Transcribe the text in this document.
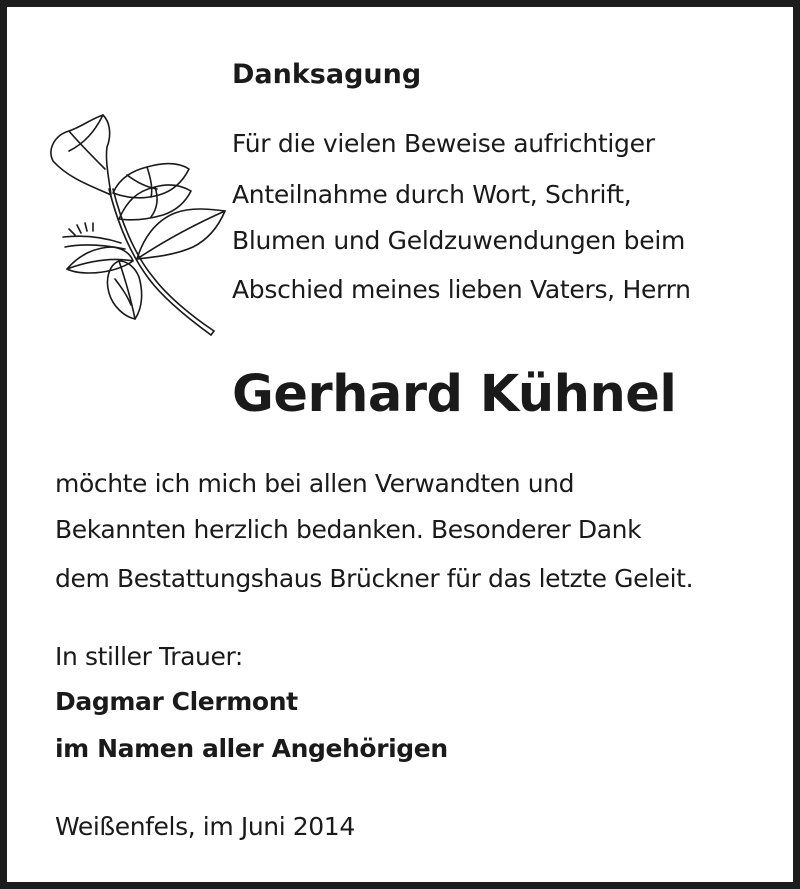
Danksagung
Für die vielen Beweise aufrichtiger
Anteilnahme durch Wort, Schrift,
Blumen und Geldzuwendungen beim
Abschied meines lieben Vaters, Herrn
Gerhard Kühnel
möchte ich mich bei allen Verwandten und
Bekannten herzlich bedanken. Besonderer Dank
dem Bestattungshaus Brückner für das letzte Geleit.
In stiller Trauer:
Dagmar Clermont
im Namen aller Angehörigen
Weißenfels, im Juni 2014
